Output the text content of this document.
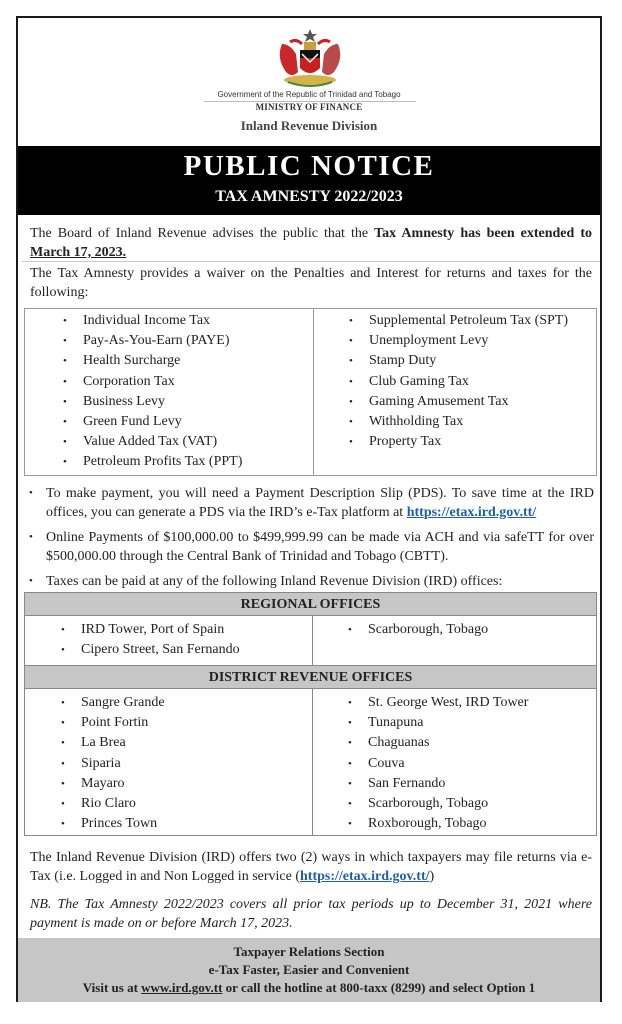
Government of the Republic of Trinidad and Tobago
MINISTRY OF FINANCE
Inland Revenue Division
PUBLIC NOTICE
TAX AMNESTY 2022/2023
The Board of Inland Revenue advises the public that the Tax Amnesty has been extended to March 17, 2023.
The Tax Amnesty provides a waiver on the Penalties and Interest for returns and taxes for the following:
• Individual Income Tax
• Pay-As-You-Earn (PAYE)
• Health Surcharge
• Corporation Tax
• Business Levy
• Green Fund Levy
• Value Added Tax (VAT)
• Petroleum Profits Tax (PPT)
• Supplemental Petroleum Tax (SPT)
• Unemployment Levy
• Stamp Duty
• Club Gaming Tax
• Gaming Amusement Tax
• Withholding Tax
• Property Tax
• To make payment, you will need a Payment Description Slip (PDS). To save time at the IRD offices, you can generate a PDS via the IRD’s e-Tax platform at https://etax.ird.gov.tt/
• Online Payments of $100,000.00 to $499,999.99 can be made via ACH and via safeTT for over $500,000.00 through the Central Bank of Trinidad and Tobago (CBTT).
• Taxes can be paid at any of the following Inland Revenue Division (IRD) offices:
REGIONAL OFFICES
• IRD Tower, Port of Spain
• Cipero Street, San Fernando
• Scarborough, Tobago
DISTRICT REVENUE OFFICES
• Sangre Grande
• Point Fortin
• La Brea
• Siparia
• Mayaro
• Rio Claro
• Princes Town
• St. George West, IRD Tower
• Tunapuna
• Chaguanas
• Couva
• San Fernando
• Scarborough, Tobago
• Roxborough, Tobago
The Inland Revenue Division (IRD) offers two (2) ways in which taxpayers may file returns via e-Tax (i.e. Logged in and Non Logged in service (https://etax.ird.gov.tt/)
NB. The Tax Amnesty 2022/2023 covers all prior tax periods up to December 31, 2021 where payment is made on or before March 17, 2023.
Taxpayer Relations Section
e-Tax Faster, Easier and Convenient
Visit us at www.ird.gov.tt or call the hotline at 800-taxx (8299) and select Option 1
